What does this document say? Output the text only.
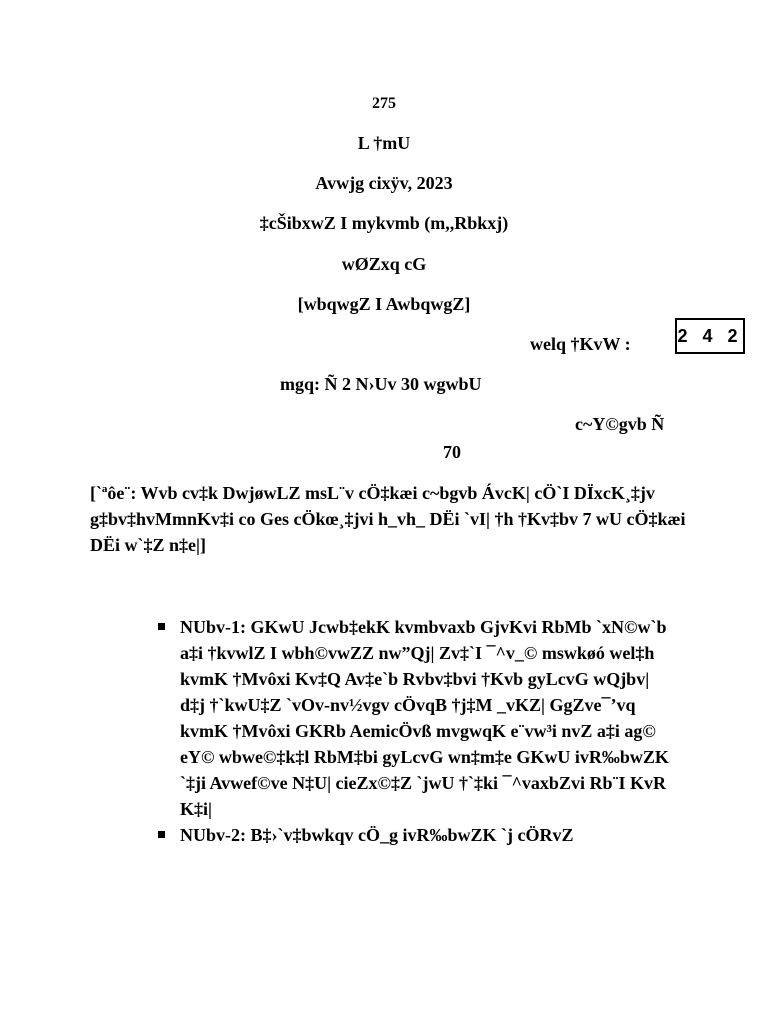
275
L †mU
Avwjg cixÿv, 2023
‡cŠibxwZ I mykvmb (m,,Rbkxj)
wØZxq cG
[wbqwgZ I AwbqwgZ]
welq †KvW :	2 4 2
mgq: Ñ 2 N›Uv 30 wgwbU
c~Y©gvb Ñ
70
[`ªôe¨: Wvb cv‡k DwjøwLZ msL¨v cÖ‡kæi c~bgvb ÁvcK| cÖ`I DÏxcK¸‡jv g‡bv‡hvMmnKv‡i co Ges cÖkœ¸‡jvi h_vh_ DËi `vI| †h †Kv‡bv 7 wU cÖ‡kæi DËi w`‡Z n‡e|]
NUbv-1: GKwU Jcwb‡ekK kvmbvaxb GjvKvi RbMb `xN©w`b a‡i †kvwlZ I wbh©vwZZ nw”Qj| Zv‡`I ¯^v_© mswkøó wel‡h kvmK †Mvôxi Kv‡Q Av‡e`b Rvbv‡bvi †Kvb gyLcvG wQjbv| d‡j †`kwU‡Z `vOv-nv½vgv cÖvqB †j‡M _vKZ| GgZve¯’vq kvmK †Mvôxi GKRb AemicÖvß mvgwqK e¨vw³i nvZ a‡i ag© eY© wbwe©‡k‡l RbM‡bi gyLcvG wn‡m‡e GKwU ivR‰bwZK `‡ji Avwef©ve N‡U| cieZx©‡Z `jwU †`‡ki ¯^vaxbZvi Rb¨I KvR K‡i|
NUbv-2: B‡›`v‡bwkqv cÖ_g ivR‰bwZK `j cÖRvZ
